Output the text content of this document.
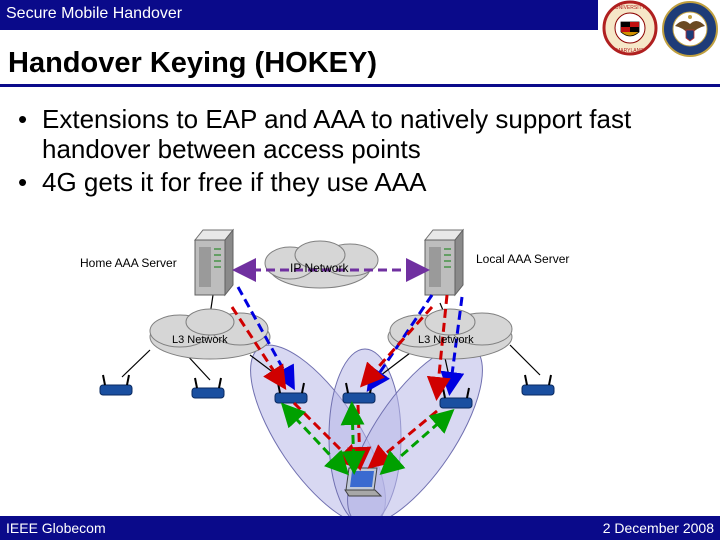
Secure Mobile Handover	UNIVERSITY
MARYLAND
Handover Keying (HOKEY)
• Extensions to EAP and AAA to natively support fast handover between access points
• 4G gets it for free if they use AAA
Home AAA Server	IP Network
Local AAA Server
L3 Network	L3 Network
IEEE Globecom	2 December 2008
